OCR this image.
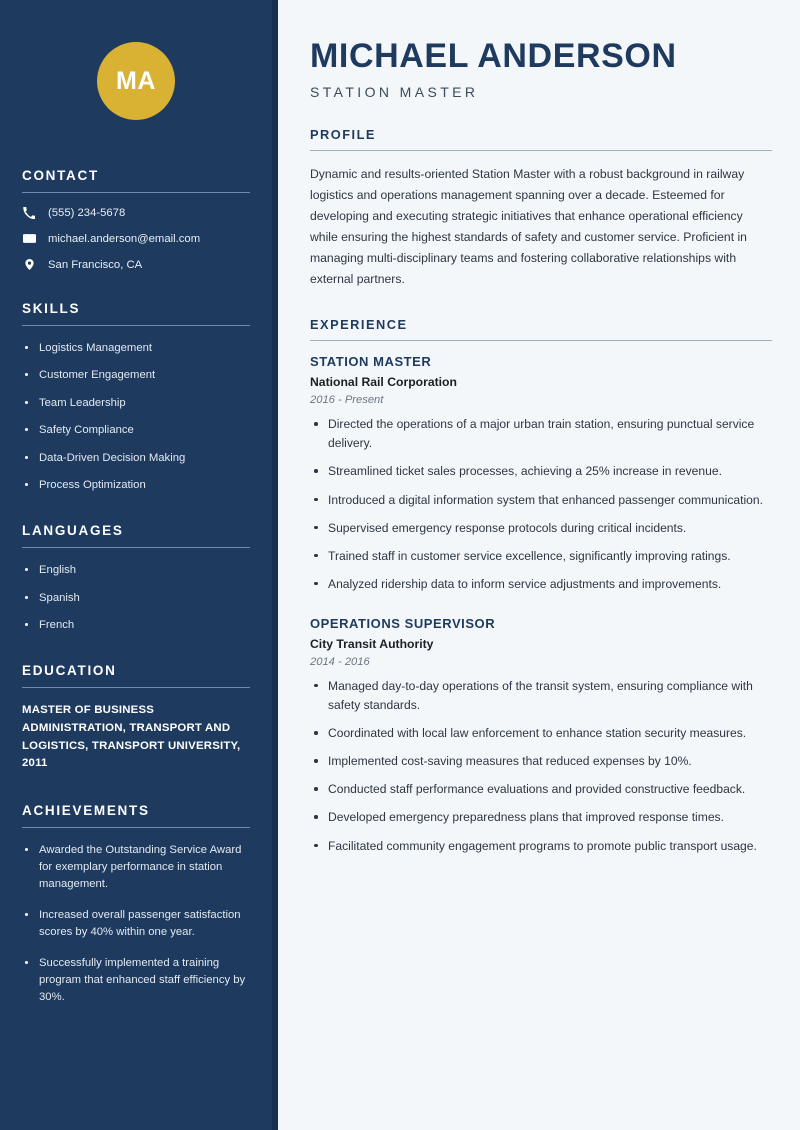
MA
CONTACT
(555) 234-5678
michael.anderson@email.com
San Francisco, CA
SKILLS
Logistics Management
Customer Engagement
Team Leadership
Safety Compliance
Data-Driven Decision Making
Process Optimization
LANGUAGES
English
Spanish
French
EDUCATION
MASTER OF BUSINESS ADMINISTRATION, TRANSPORT AND LOGISTICS, TRANSPORT UNIVERSITY, 2011
ACHIEVEMENTS
Awarded the Outstanding Service Award for exemplary performance in station management.
Increased overall passenger satisfaction scores by 40% within one year.
Successfully implemented a training program that enhanced staff efficiency by 30%.
MICHAEL ANDERSON
STATION MASTER
PROFILE

Dynamic and results-oriented Station Master with a robust background in railway logistics and operations management spanning over a decade. Esteemed for developing and executing strategic initiatives that enhance operational efficiency while ensuring the highest standards of safety and customer service. Proficient in managing multi-disciplinary teams and fostering collaborative relationships with external partners.

EXPERIENCE
STATION MASTER
National Rail Corporation
2016 - Present
Directed the operations of a major urban train station, ensuring punctual service delivery.
Streamlined ticket sales processes, achieving a 25% increase in revenue.
Introduced a digital information system that enhanced passenger communication.
Supervised emergency response protocols during critical incidents.
Trained staff in customer service excellence, significantly improving ratings.
Analyzed ridership data to inform service adjustments and improvements.
OPERATIONS SUPERVISOR
City Transit Authority
2014 - 2016
Managed day-to-day operations of the transit system, ensuring compliance with safety standards.
Coordinated with local law enforcement to enhance station security measures.
Implemented cost-saving measures that reduced expenses by 10%.
Conducted staff performance evaluations and provided constructive feedback.
Developed emergency preparedness plans that improved response times.
Facilitated community engagement programs to promote public transport usage.
